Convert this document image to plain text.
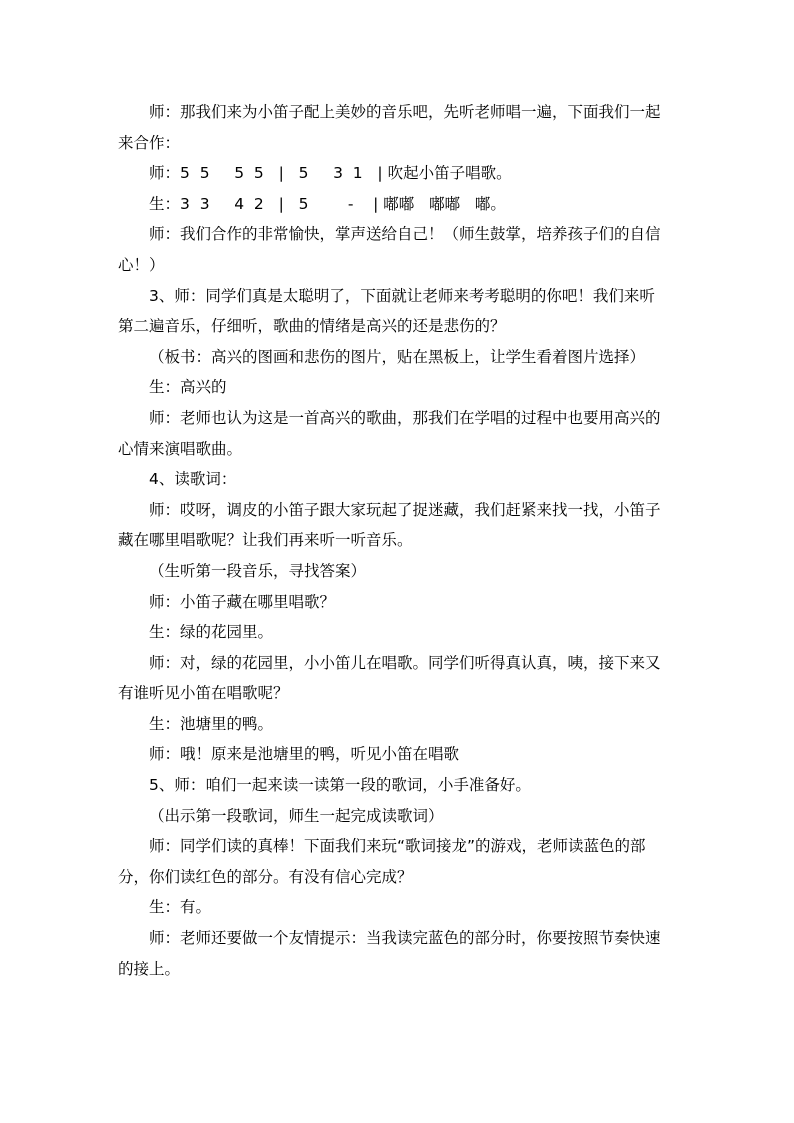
师：那我们来为小笛子配上美妙的音乐吧，先听老师唱一遍，下面我们一起
来合作：
师：5  5     5  5   |   5     3  1   | 吹起小笛子唱歌。
生：3  3     4  2   |   5        -    | 嘟嘟   嘟嘟   嘟。
师：我们合作的非常愉快，掌声送给自己！（师生鼓掌，培养孩子们的自信
心！）
3、师：同学们真是太聪明了，下面就让老师来考考聪明的你吧！我们来听
第二遍音乐，仔细听，歌曲的情绪是高兴的还是悲伤的？
（板书：高兴的图画和悲伤的图片，贴在黑板上，让学生看着图片选择）
生：高兴的
师：老师也认为这是一首高兴的歌曲，那我们在学唱的过程中也要用高兴的
心情来演唱歌曲。
4、读歌词：
师：哎呀，调皮的小笛子跟大家玩起了捉迷藏，我们赶紧来找一找，小笛子
藏在哪里唱歌呢？让我们再来听一听音乐。
（生听第一段音乐，寻找答案）
师：小笛子藏在哪里唱歌？
生：绿的花园里。
师：对，绿的花园里，小小笛儿在唱歌。同学们听得真认真，咦，接下来又
有谁听见小笛在唱歌呢？
生：池塘里的鸭。
师：哦！原来是池塘里的鸭，听见小笛在唱歌
5、师：咱们一起来读一读第一段的歌词，小手准备好。
（出示第一段歌词，师生一起完成读歌词）
师：同学们读的真棒！下面我们来玩“歌词接龙”的游戏，老师读蓝色的部
分，你们读红色的部分。有没有信心完成？
生：有。
师：老师还要做一个友情提示：当我读完蓝色的部分时，你要按照节奏快速
的接上。
